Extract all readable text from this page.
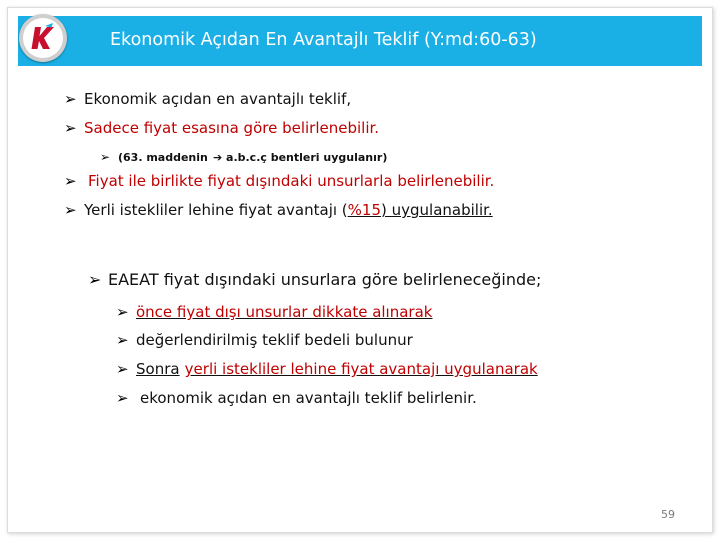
Ekonomik Açıdan En Avantajlı Teklif (Y:md:60-63)
➢ Ekonomik açıdan en avantajlı teklif,
➢ Sadece fiyat esasına göre belirlenebilir.
➢ (63. maddenin ➔ a.b.c.ç bentleri uygulanır)
➢ Fiyat ile birlikte fiyat dışındaki unsurlarla belirlenebilir.
➢ Yerli istekliler lehine fiyat avantajı (%15) uygulanabilir.
➢ EAEAT fiyat dışındaki unsurlara göre belirleneceğinde;
➢ önce fiyat dışı unsurlar dikkate alınarak
➢ değerlendirilmiş teklif bedeli bulunur
➢ Sonra yerli istekliler lehine fiyat avantajı uygulanarak
➢ ekonomik açıdan en avantajlı teklif belirlenir.
59
